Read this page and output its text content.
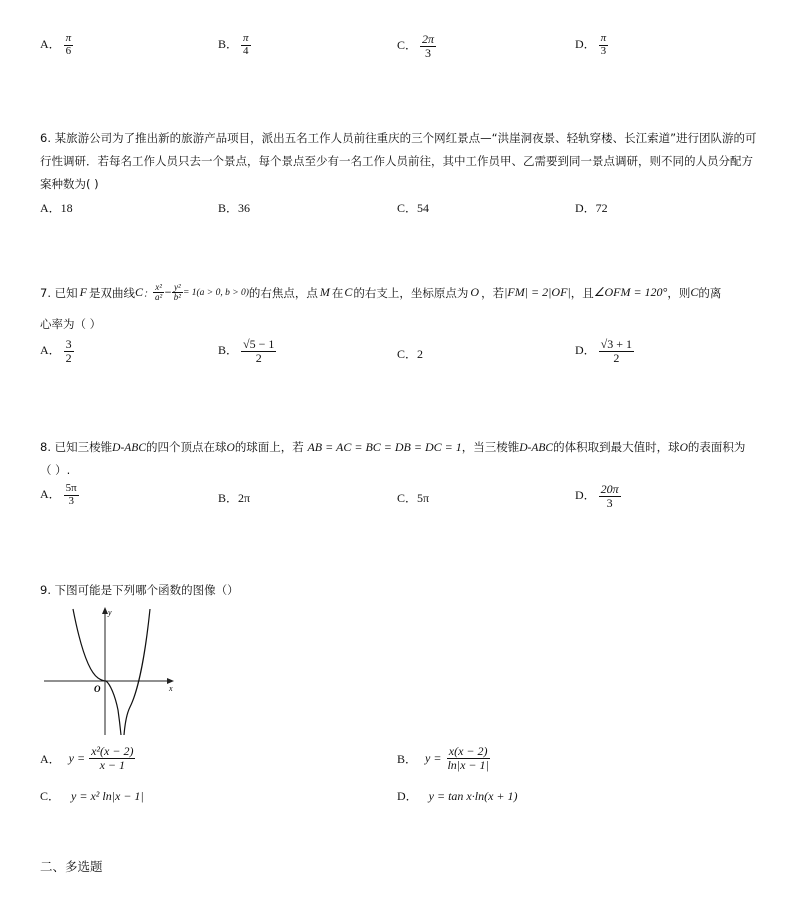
A． $\frac{\pi}{6}$	B． $\frac{\pi}{4}$	C． $\frac{2\pi}{3}$	D． $\frac{\pi}{3}$
6. 某旅游公司为了推出新的旅游产品项目，派出五名工作人员前往重庆的三个网红景点—“洪崖洞夜景、轻轨穿楼、长江索道”进行团队游的可
行性调研．若每名工作人员只去一个景点，每个景点至少有一名工作人员前往，其中工作员甲、乙需要到同一景点调研，则不同的人员分配方
案种数为( )
A．18	B．36	C．54	D．72
7. 已知 F 是双曲线 C ： $\frac{\text{x²}}{\text{a²}} - \frac{\text{y²}}{\text{b²}} = 1(a > 0$, b > 0) 的右焦点，点 M 在 C 的右支上，坐标原点为 O ，若 |FM| = 2|OF| ，且 ∠OFM = 120° ，则 C 的离
心率为（ ）
A． $\frac{3}{2}$	B． $\frac{√5 - 1}{2}$	C．2	D． $\frac{√3 + 1}{2}$
8. 已知三棱锥D-ABC的四个顶点在球O的球面上，若 AB = AC = BC = DB = DC = 1，当三棱锥D-ABC的体积取到最大值时，球O的表面积为
（ ）.
A． $\frac{5\pi}{3}$	B．2π	C．5π	D． $\frac{20\pi}{3}$
9. 下图可能是下列哪个函数的图像（）
y
x
O
A． $y = \frac{\text{x²(x − 2)}}{x - 1}$	B． $y = \frac{x(x - 2)}{\ln|x - 1|}$
C． y = x² ln|x − 1|	D． y = tan x·ln(x + 1)
二、多选题
